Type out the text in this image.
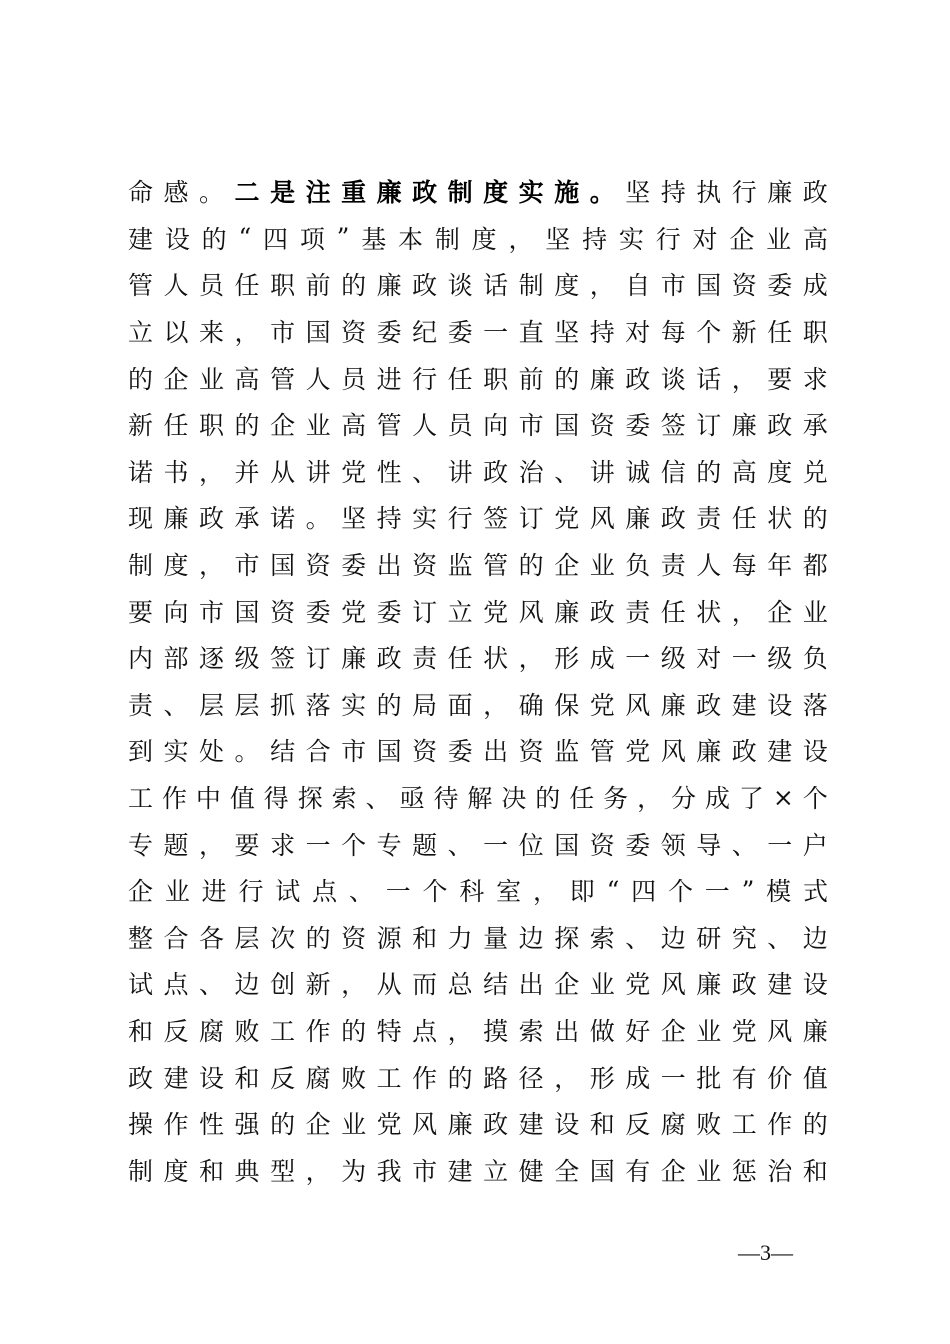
命 感 。 二 是 注 重 廉 政 制 度 实 施 。 坚 持 执 行 廉 政
建 设 的 “ 四 项 ” 基 本 制 度 ， 坚 持 实 行 对 企 业 高
管 人 员 任 职 前 的 廉 政 谈 话 制 度 ， 自 市 国 资 委 成
立 以 来 ， 市 国 资 委 纪 委 一 直 坚 持 对 每 个 新 任 职
的 企 业 高 管 人 员 进 行 任 职 前 的 廉 政 谈 话 ， 要 求
新 任 职 的 企 业 高 管 人 员 向 市 国 资 委 签 订 廉 政 承
诺 书 ， 并 从 讲 党 性 、 讲 政 治 、 讲 诚 信 的 高 度 兑
现 廉 政 承 诺 。 坚 持 实 行 签 订 党 风 廉 政 责 任 状 的
制 度 ， 市 国 资 委 出 资 监 管 的 企 业 负 责 人 每 年 都
要 向 市 国 资 委 党 委 订 立 党 风 廉 政 责 任 状 ， 企 业
内 部 逐 级 签 订 廉 政 责 任 状 ， 形 成 一 级 对 一 级 负
责 、 层 层 抓 落 实 的 局 面 ， 确 保 党 风 廉 政 建 设 落
到 实 处 。 结 合 市 国 资 委 出 资 监 管 党 风 廉 政 建 设
工 作 中 值 得 探 索 、 亟 待 解 决 的 任 务 ， 分 成 了 × 个
专 题 ， 要 求 一 个 专 题 、 一 位 国 资 委 领 导 、 一 户
企 业 进 行 试 点 、 一 个 科 室 ， 即 “ 四 个 一 ” 模 式
整 合 各 层 次 的 资 源 和 力 量 边 探 索 、 边 研 究 、 边
试 点 、 边 创 新 ， 从 而 总 结 出 企 业 党 风 廉 政 建 设
和 反 腐 败 工 作 的 特 点 ， 摸 索 出 做 好 企 业 党 风 廉
政 建 设 和 反 腐 败 工 作 的 路 径 ， 形 成 一 批 有 价 值
操 作 性 强 的 企 业 党 风 廉 政 建 设 和 反 腐 败 工 作 的
制 度 和 典 型 ， 为 我 市 建 立 健 全 国 有 企 业 惩 治 和
—3—
